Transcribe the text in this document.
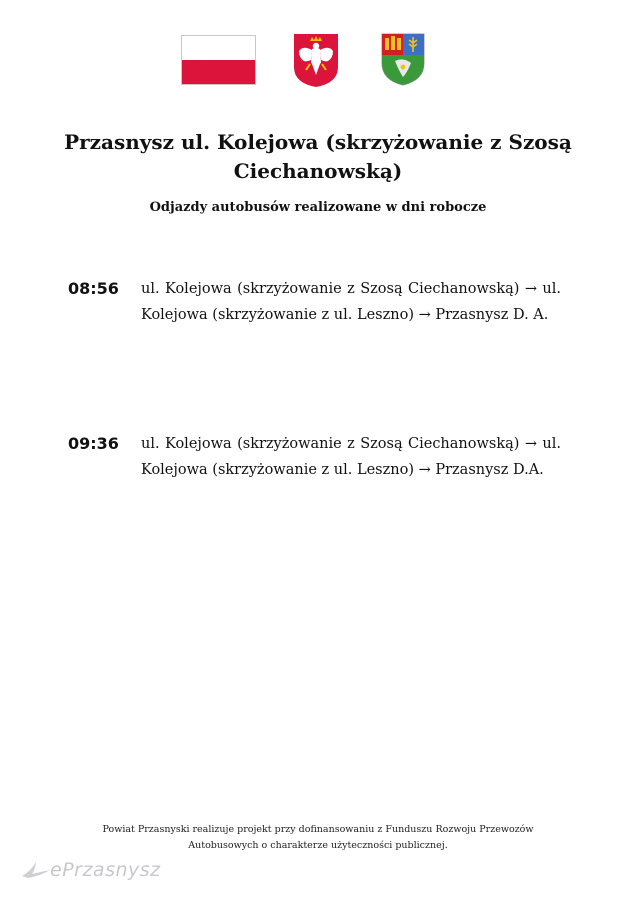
Przasnysz ul. Kolejowa (skrzyżowanie z Szosą Ciechanowską)

Odjazdy autobusów realizowane w dni robocze

08:56 ul. Kolejowa (skrzyżowanie z Szosą Ciechanowską) → ul. Kolejowa (skrzyżowanie z ul. Leszno) → Przasnysz D. A.
09:36 ul. Kolejowa (skrzyżowanie z Szosą Ciechanowską) → ul. Kolejowa (skrzyżowanie z ul. Leszno) → Przasnysz D.A.
Powiat Przasnyski realizuje projekt przy dofinansowaniu z Funduszu Rozwoju Przewozów
Autobusowych o charakterze użyteczności publicznej.
ePrzasnysz
